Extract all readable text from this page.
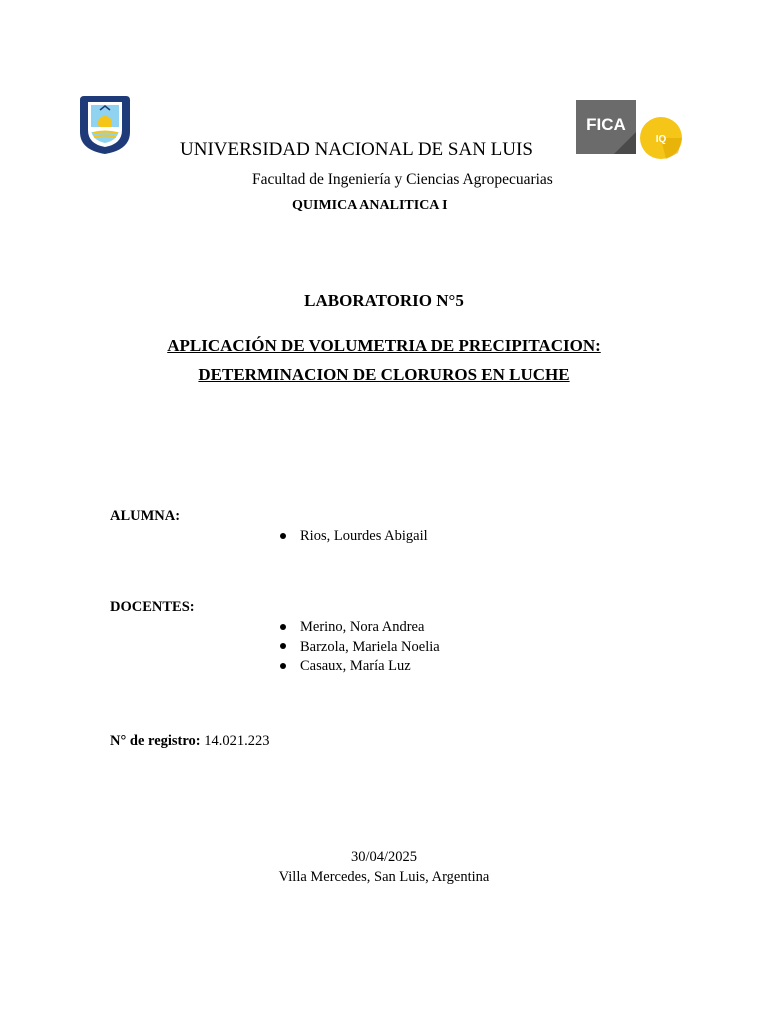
FICA
IQ
UNIVERSIDAD NACIONAL DE SAN LUIS
Facultad de Ingeniería y Ciencias Agropecuarias
QUIMICA ANALITICA I
LABORATORIO N°5
APLICACIÓN DE VOLUMETRIA DE PRECIPITACION:
DETERMINACION DE CLORUROS EN LUCHE
ALUMNA:
Rios, Lourdes Abigail
DOCENTES:
Merino, Nora Andrea
Barzola, Mariela Noelia
Casaux, María Luz
N° de registro: 14.021.223
30/04/2025
Villa Mercedes, San Luis, Argentina
